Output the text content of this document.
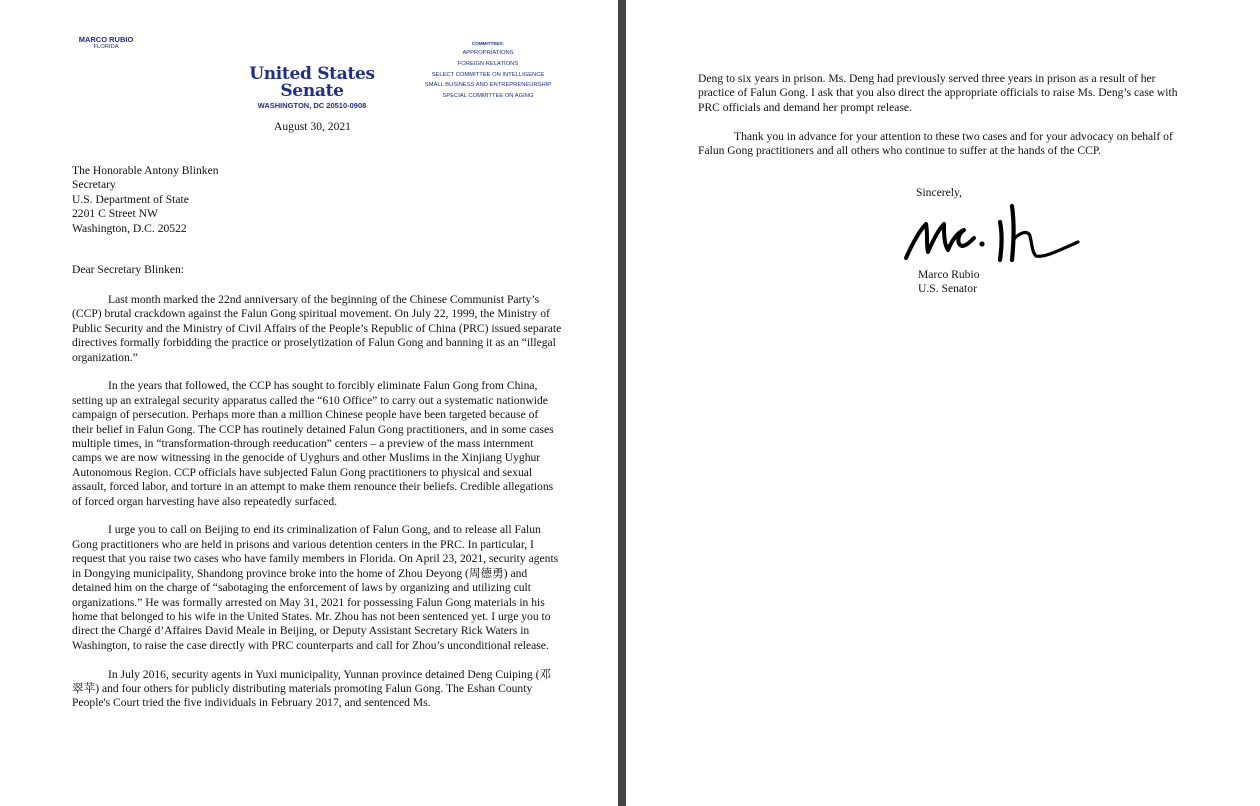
MARCO RUBIO
FLORIDA
United States Senate
WASHINGTON, DC 20510-0908
COMMITTEES:
APPROPRIATIONS
FOREIGN RELATIONS
SELECT COMMITTEE ON INTELLIGENCE
SMALL BUSINESS AND ENTREPRENEURSHIP
SPECIAL COMMITTEE ON AGING
August 30, 2021
The Honorable Antony Blinken
Secretary
U.S. Department of State
2201 C Street NW
Washington, D.C. 20522
Dear Secretary Blinken:

Last month marked the 22nd anniversary of the beginning of the Chinese Communist Party’s (CCP) brutal crackdown against the Falun Gong spiritual movement. On July 22, 1999, the Ministry of Public Security and the Ministry of Civil Affairs of the People’s Republic of China (PRC) issued separate directives formally forbidding the practice or proselytization of Falun Gong and banning it as an “illegal organization.”

In the years that followed, the CCP has sought to forcibly eliminate Falun Gong from China, setting up an extralegal security apparatus called the “610 Office” to carry out a systematic nationwide campaign of persecution. Perhaps more than a million Chinese people have been targeted because of their belief in Falun Gong. The CCP has routinely detained Falun Gong practitioners, and in some cases multiple times, in “transformation-through reeducation” centers – a preview of the mass internment camps we are now witnessing in the genocide of Uyghurs and other Muslims in the Xinjiang Uyghur Autonomous Region. CCP officials have subjected Falun Gong practitioners to physical and sexual assault, forced labor, and torture in an attempt to make them renounce their beliefs. Credible allegations of forced organ harvesting have also repeatedly surfaced.

I urge you to call on Beijing to end its criminalization of Falun Gong, and to release all Falun Gong practitioners who are held in prisons and various detention centers in the PRC. In particular, I request that you raise two cases who have family members in Florida. On April 23, 2021, security agents in Dongying municipality, Shandong province broke into the home of Zhou Deyong (周德勇) and detained him on the charge of “sabotaging the enforcement of laws by organizing and utilizing cult organizations.” He was formally arrested on May 31, 2021 for possessing Falun Gong materials in his home that belonged to his wife in the United States. Mr. Zhou has not been sentenced yet. I urge you to direct the Chargé d’Affaires David Meale in Beijing, or Deputy Assistant Secretary Rick Waters in Washington, to raise the case directly with PRC counterparts and call for Zhou’s unconditional release.

In July 2016, security agents in Yuxi municipality, Yunnan province detained Deng Cuiping (邓翠苹) and four others for publicly distributing materials promoting Falun Gong. The Eshan County People's Court tried the five individuals in February 2017, and sentenced Ms.

Deng to six years in prison. Ms. Deng had previously served three years in prison as a result of her practice of Falun Gong. I ask that you also direct the appropriate officials to raise Ms. Deng’s case with PRC officials and demand her prompt release.

Thank you in advance for your attention to these two cases and for your advocacy on behalf of Falun Gong practitioners and all others who continue to suffer at the hands of the CCP.

Sincerely,
Marco Rubio
U.S. Senator
